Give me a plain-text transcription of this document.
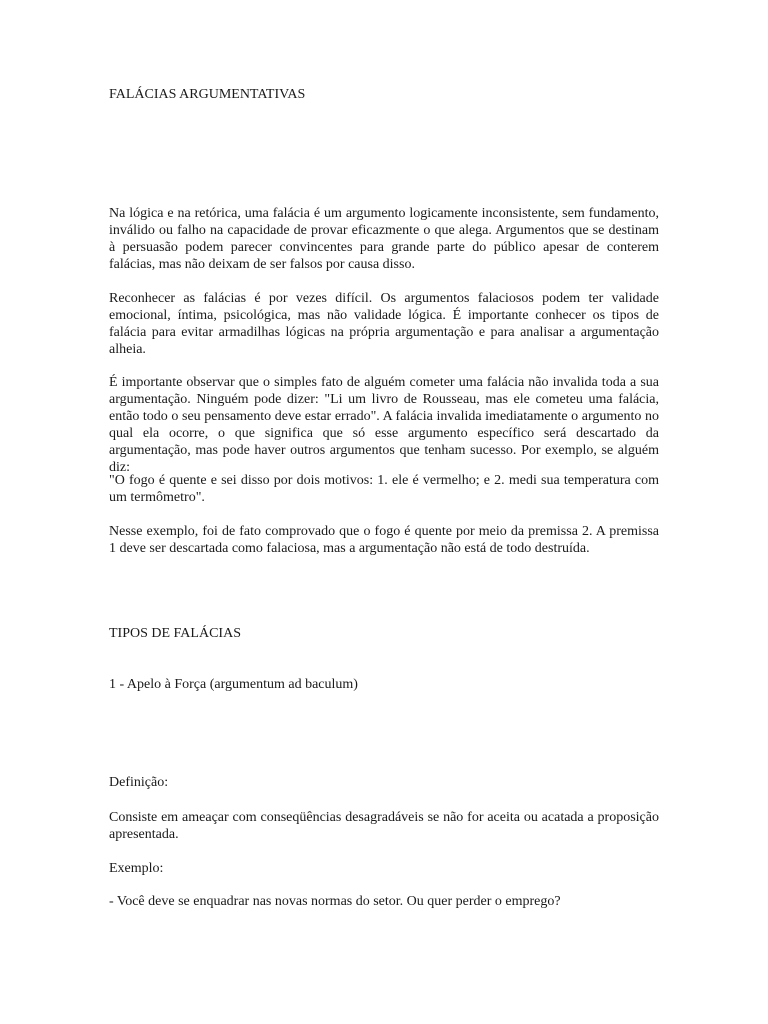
FALÁCIAS ARGUMENTATIVAS
Na lógica e na retórica, uma falácia é um argumento logicamente inconsistente, sem fundamento, inválido ou falho na capacidade de provar eficazmente o que alega. Argumentos que se destinam à persuasão podem parecer convincentes para grande parte do público apesar de conterem falácias, mas não deixam de ser falsos por causa disso.
Reconhecer as falácias é por vezes difícil. Os argumentos falaciosos podem ter validade emocional, íntima, psicológica, mas não validade lógica. É importante conhecer os tipos de falácia para evitar armadilhas lógicas na própria argumentação e para analisar a argumentação alheia.
É importante observar que o simples fato de alguém cometer uma falácia não invalida toda a sua argumentação. Ninguém pode dizer: "Li um livro de Rousseau, mas ele cometeu uma falácia, então todo o seu pensamento deve estar errado". A falácia invalida imediatamente o argumento no qual ela ocorre, o que significa que só esse argumento específico será descartado da argumentação, mas pode haver outros argumentos que tenham sucesso. Por exemplo, se alguém diz:
"O fogo é quente e sei disso por dois motivos: 1. ele é vermelho; e 2. medi sua temperatura com um termômetro".
Nesse exemplo, foi de fato comprovado que o fogo é quente por meio da premissa 2. A premissa 1 deve ser descartada como falaciosa, mas a argumentação não está de todo destruída.
TIPOS DE FALÁCIAS
1 - Apelo à Força (argumentum ad baculum)
Definição:
Consiste em ameaçar com conseqüências desagradáveis se não for aceita ou acatada a proposição apresentada.
Exemplo:
- Você deve se enquadrar nas novas normas do setor. Ou quer perder o emprego?
